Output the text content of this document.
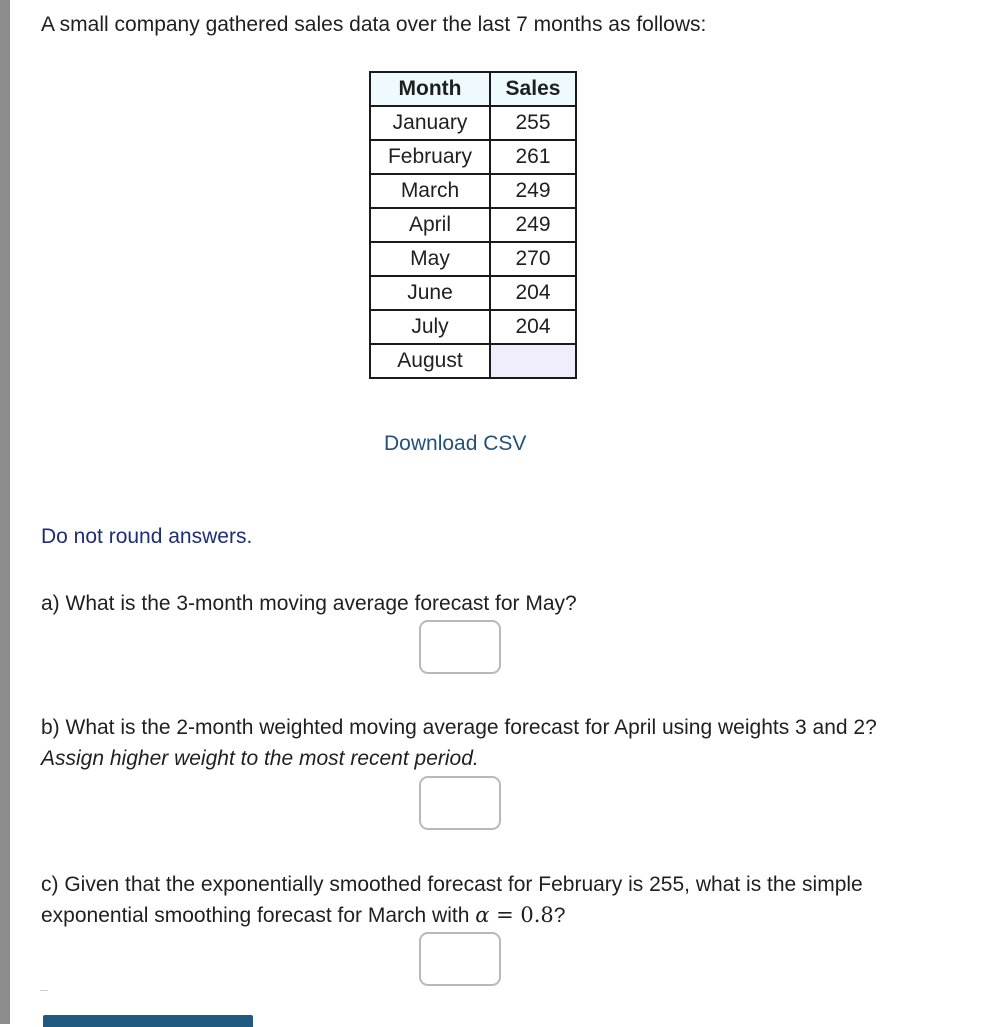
A small company gathered sales data over the last 7 months as follows:

Month	Sales
January	255
February	261
March	249
April	249
May	270
June	204
July	204
August	
Download CSV
Do not round answers.
a) What is the 3-month moving average forecast for May?
b) What is the 2-month weighted moving average forecast for April using weights 3 and 2? Assign higher weight to the most recent period.
c) Given that the exponentially smoothed forecast for February is 255, what is the simple exponential smoothing forecast for March with α = 0.8?
